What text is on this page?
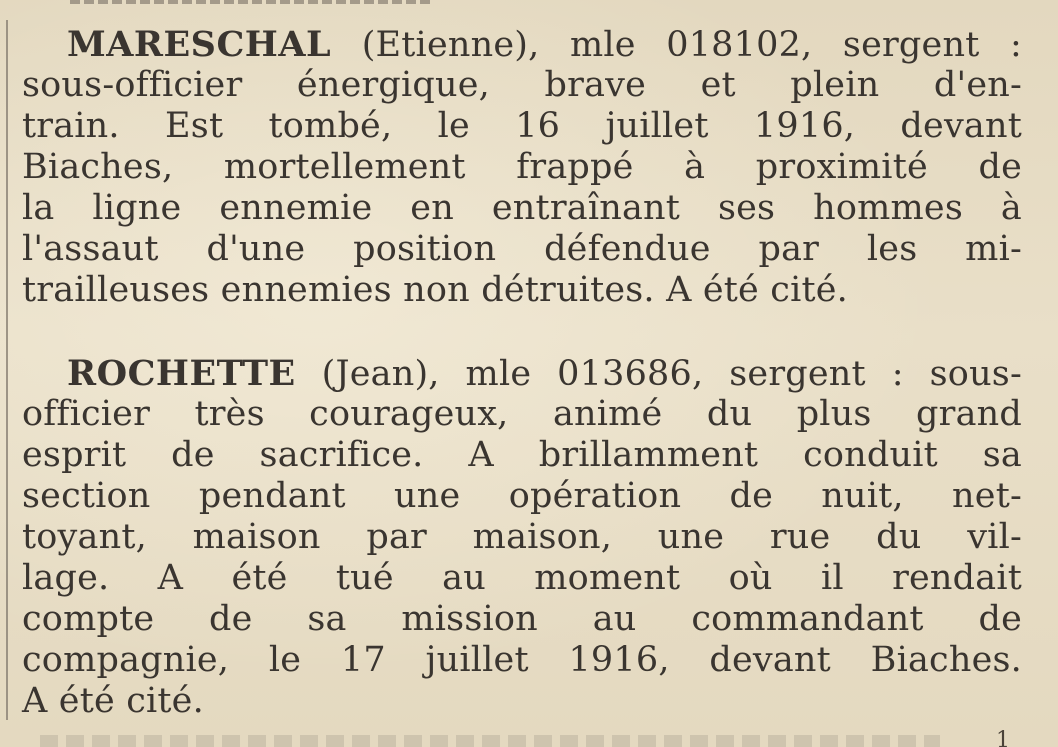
MARESCHAL (Etienne), mle 018102, sergent :
sous-officier énergique, brave et plein d'en-
train. Est tombé, le 16 juillet 1916, devant
Biaches, mortellement frappé à proximité de
la ligne ennemie en entraînant ses hommes à
l'assaut d'une position défendue par les mi-
trailleuses ennemies non détruites. A été cité.
ROCHETTE (Jean), mle 013686, sergent : sous-
officier très courageux, animé du plus grand
esprit de sacrifice. A brillamment conduit sa
section pendant une opération de nuit, net-
toyant, maison par maison, une rue du vil-
lage. A été tué au moment où il rendait
compte de sa mission au commandant de
compagnie, le 17 juillet 1916, devant Biaches.
A été cité.
1
